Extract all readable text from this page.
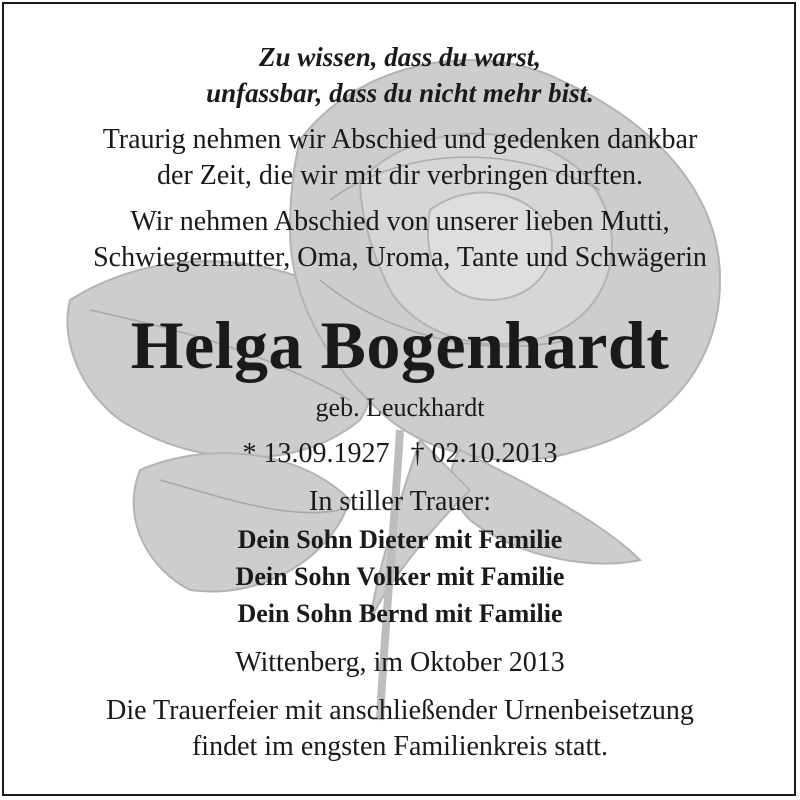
Zu wissen, dass du warst,
unfassbar, dass du nicht mehr bist.
Traurig nehmen wir Abschied und gedenken dankbar
der Zeit, die wir mit dir verbringen durften.
Wir nehmen Abschied von unserer lieben Mutti,
Schwiegermutter, Oma, Uroma, Tante und Schwägerin
Helga Bogenhardt
geb. Leuckhardt
* 13.09.1927   † 02.10.2013
In stiller Trauer:
Dein Sohn Dieter mit Familie
Dein Sohn Volker mit Familie
Dein Sohn Bernd mit Familie
Wittenberg, im Oktober 2013
Die Trauerfeier mit anschließender Urnenbeisetzung
findet im engsten Familienkreis statt.
